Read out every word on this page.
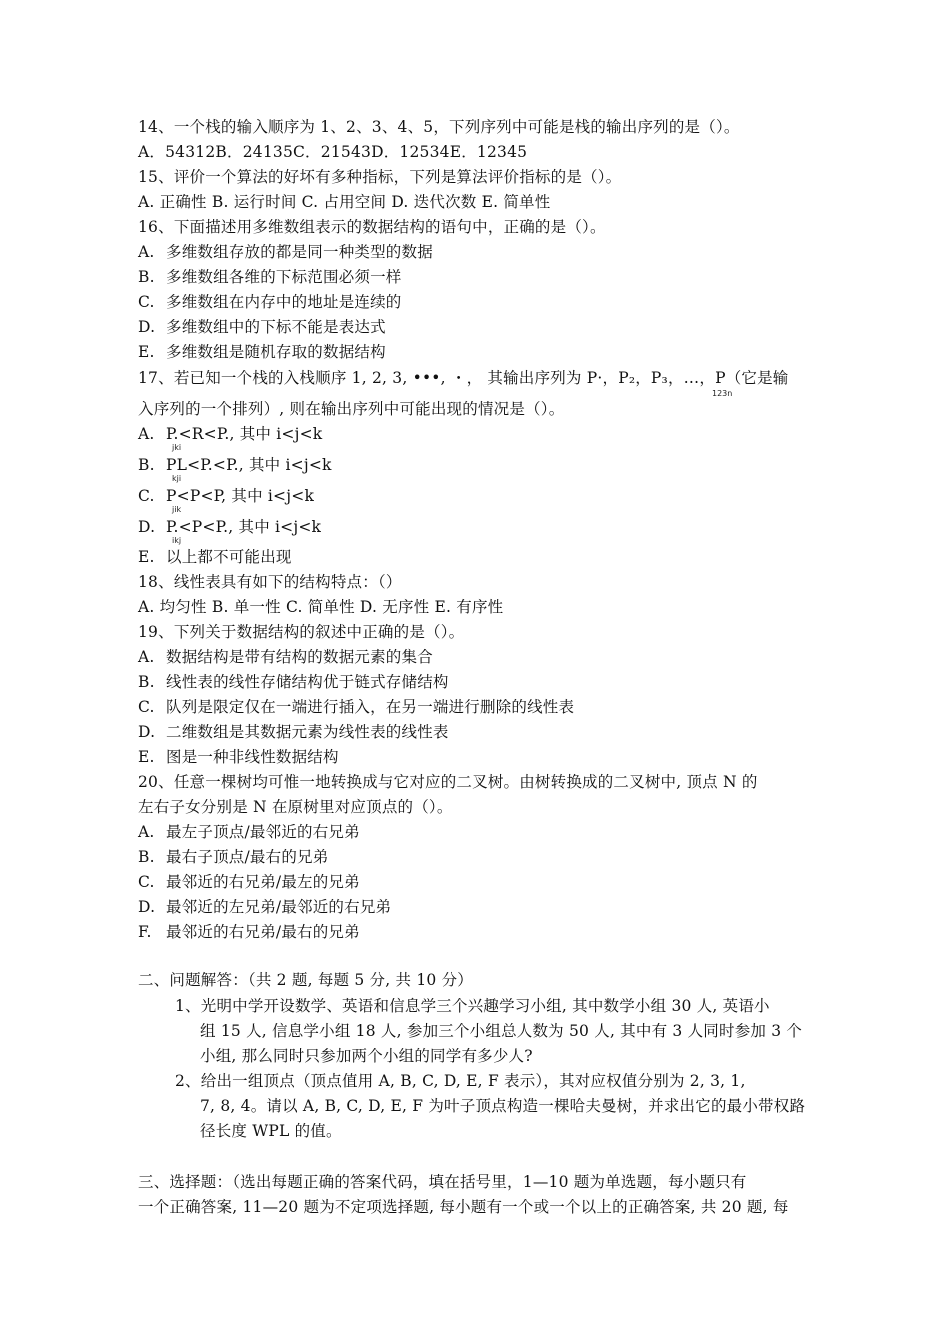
14、一个栈的输入顺序为 1、2、3、4、5，下列序列中可能是栈的输出序列的是（）。
A．54312B．24135C．21543D．12534E．12345
15、评价一个算法的好坏有多种指标，下列是算法评价指标的是（）。
A. 正确性 B. 运行时间 C. 占用空间 D. 迭代次数 E. 简单性
16、下面描述用多维数组表示的数据结构的语句中，正确的是（）。
A. 多维数组存放的都是同一种类型的数据
B. 多维数组各维的下标范围必须一样
C. 多维数组在内存中的地址是连续的
D. 多维数组中的下标不能是表达式
E. 多维数组是随机存取的数据结构
17、若已知一个栈的入栈顺序 1, 2, 3, •••, ・， 其输出序列为 P·，P₂，P₃，…，P（它是输
123n
入序列的一个排列）, 则在输出序列中可能出现的情况是（）。
A. P.<R<P., 其中 i<j<k
jki
B. PL<P.<P., 其中 i<j<k
kji
C. P<P<P, 其中 i<j<k
jik
D. P.<P<P., 其中 i<j<k
ikj
E. 以上都不可能出现
18、线性表具有如下的结构特点：（）
A. 均匀性 B. 单一性 C. 简单性 D. 无序性 E. 有序性
19、下列关于数据结构的叙述中正确的是（）。
A. 数据结构是带有结构的数据元素的集合
B. 线性表的线性存储结构优于链式存储结构
C. 队列是限定仅在一端进行插入，在另一端进行删除的线性表
D. 二维数组是其数据元素为线性表的线性表
E. 图是一种非线性数据结构
20、任意一棵树均可惟一地转换成与它对应的二叉树。由树转换成的二叉树中, 顶点 N 的
左右子女分别是 N 在原树里对应顶点的（）。
A. 最左子顶点/最邻近的右兄弟
B. 最右子顶点/最右的兄弟
C. 最邻近的右兄弟/最左的兄弟
D. 最邻近的左兄弟/最邻近的右兄弟
F. 最邻近的右兄弟/最右的兄弟
二、问题解答：（共 2 题, 每题 5 分, 共 10 分）
1、光明中学开设数学、英语和信息学三个兴趣学习小组, 其中数学小组 30 人, 英语小
组 15 人, 信息学小组 18 人, 参加三个小组总人数为 50 人, 其中有 3 人同时参加 3 个
小组, 那么同时只参加两个小组的同学有多少人?
2、给出一组顶点（顶点值用 A, B, C, D, E, F 表示），其对应权值分别为 2, 3, 1,
7, 8, 4。请以 A, B, C, D, E, F 为叶子顶点构造一棵哈夫曼树，并求出它的最小带权路
径长度 WPL 的值。
三、选择题：（选出每题正确的答案代码，填在括号里，1—10 题为单选题，每小题只有
一个正确答案, 11—20 题为不定项选择题, 每小题有一个或一个以上的正确答案, 共 20 题, 每
